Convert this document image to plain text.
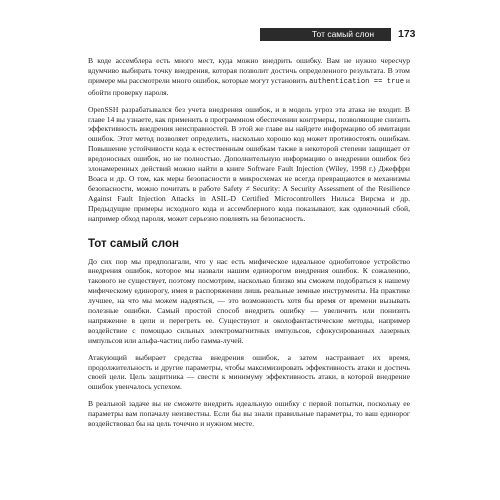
Тот самый слон	173

В коде ассемблера есть много мест, куда можно внедрить ошибку. Вам не нужно чересчур вдумчиво выбирать точку внедрения, которая позволит достичь определенного результата. В этом примере мы рассмотрели много ошибок, которые могут установить authentication == true и обойти проверку пароля.

OpenSSH разрабатывался без учета внедрения ошибок, и в модель угроз эта атака не входит. В главе 14 вы узнаете, как применить в программном обеспечении контрмеры, позволяющие снизить эффективность внедрения неисправностей. В этой же главе вы найдете информацию об имитации ошибок. Этот метод позволяет определить, насколько хорошо код может противостоять ошибкам. Повышение устойчивости кода к естественным ошибкам также в некоторой степени защищает от вредоносных ошибок, но не полностью. Дополнительную информацию о внедрении ошибок без злонамеренных действий можно найти в книге Software Fault Injection (Wiley, 1998 г.) Джеффри Воаса и др. О том, как меры безопасности в микросхемах не всегда превращаются в механизмы безопасности, можно почитать в работе Safety ≠ Security: A Security Assessment of the Resilience Against Fault Injection Attacks in ASIL-D Certified Microcontrollers Нильса Вирсма и др. Предыдущие примеры исходного кода и ассемблерного кода показывают, как одиночный сбой, например обход пароля, может серьезно повлиять на безопасность.

Тот самый слон

До сих пор мы предполагали, что у нас есть мифическое идеальное однобитовое устройство внедрения ошибок, которое мы назвали нашим единорогом внедрения ошибок. К сожалению, такового не существует, поэтому посмотрим, насколько близко мы сможем подобраться к нашему мифическому единорогу, имея в распоряжении лишь реальные земные инструменты. На практике лучшее, на что мы можем надеяться, — это возможность хотя бы время от времени вызывать полезные ошибки. Самый простой способ внедрить ошибку — увеличить или понизить напряжение в цепи и перегреть ее. Существуют и околофантастические методы, например воздействие с помощью сильных электромагнитных импульсов, сфокусированных лазерных импульсов или альфа-частиц либо гамма-лучей.

Атакующий выбирает средства внедрения ошибок, а затем настраивает их время, продолжительность и другие параметры, чтобы максимизировать эффективность атаки и достичь своей цели. Цель защитника — свести к минимуму эффективность атаки, в которой внедрение ошибок увенчалось успехом.

В реальной задаче вы не сможете внедрить идеальную ошибку с первой попытки, поскольку ее параметры вам попачалу неизвестны. Если бы вы знали правильные параметры, то ваш единорог воздействовал бы на цель точечно и нужном месте.
